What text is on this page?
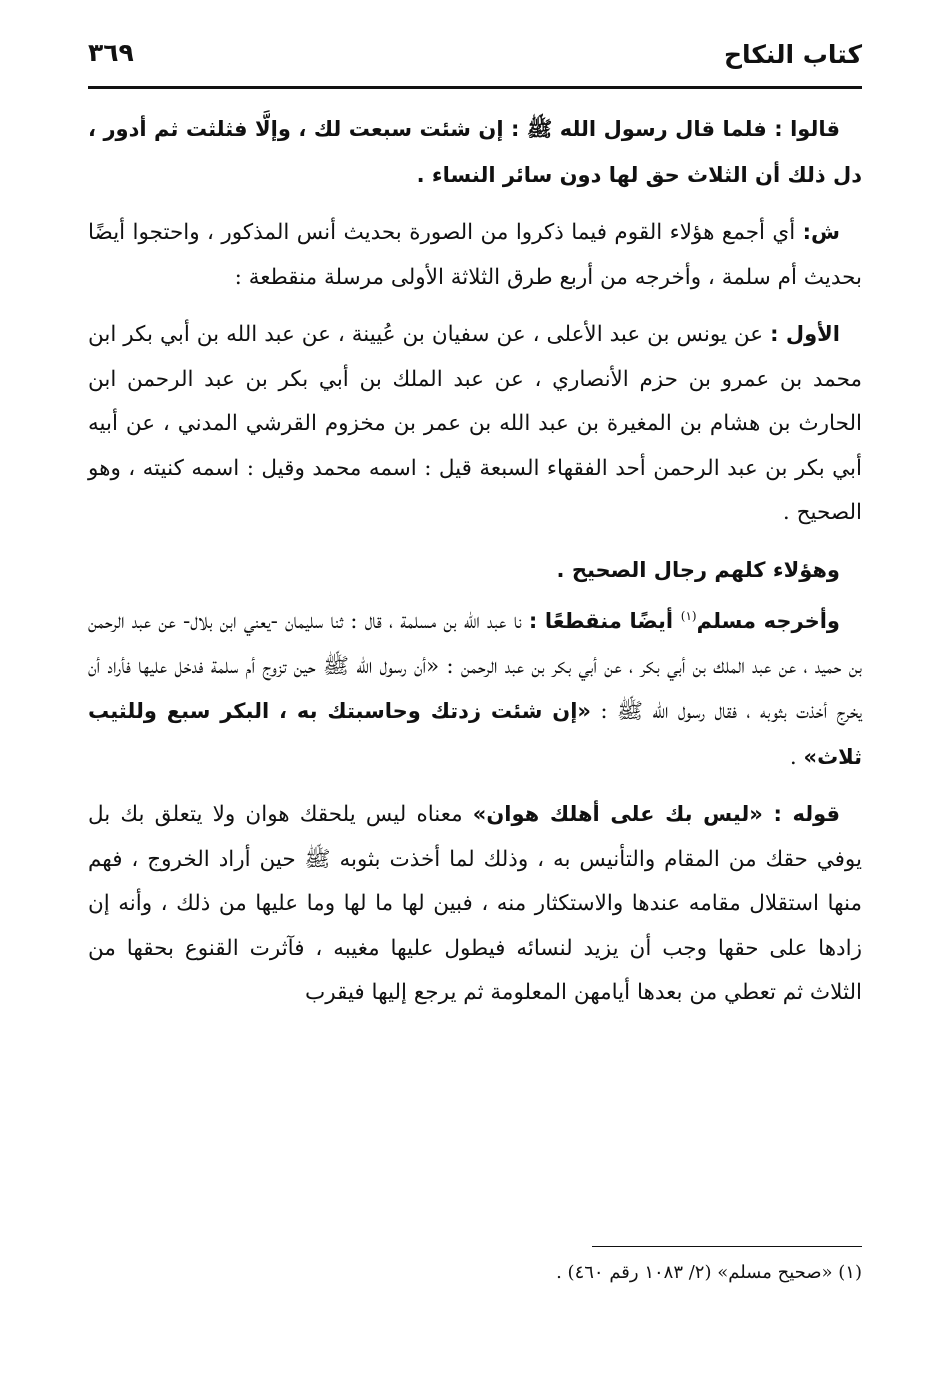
كتاب النكاح
٣٦٩

قالوا : فلما قال رسول الله ﷺ : إن شئت سبعت لك ، وإلَّا فثلثت ثم أدور ، دل ذلك أن الثلاث حق لها دون سائر النساء .

ش: أي أجمع هؤلاء القوم فيما ذكروا من الصورة بحديث أنس المذكور ، واحتجوا أيضًا بحديث أم سلمة ، وأخرجه من أربع طرق الثلاثة الأولى مرسلة منقطعة :

الأول : عن يونس بن عبد الأعلى ، عن سفيان بن عُيينة ، عن عبد الله بن أبي بكر ابن محمد بن عمرو بن حزم الأنصاري ، عن عبد الملك بن أبي بكر بن عبد الرحمن ابن الحارث بن هشام بن المغيرة بن عبد الله بن عمر بن مخزوم القرشي المدني ، عن أبيه أبي بكر بن عبد الرحمن أحد الفقهاء السبعة قيل : اسمه محمد وقيل : اسمه كنيته ، وهو الصحيح .

وهؤلاء كلهم رجال الصحيح .

وأخرجه مسلم$^{(١)}$ أيضًا منقطعًا : نا عبد الله بن مسلمة ، قال : ثنا سليمان -يعني ابن بلال- عن عبد الرحمن بن حميد ، عن عبد الملك بن أبي بكر ، عن أبي بكر بن عبد الرحمن : «أن رسول الله ﷺ حين تزوج أم سلمة فدخل عليها فأراد أن يخرج أخذت بثوبه ، فقال رسول الله ﷺ : «إن شئت زدتك وحاسبتك به ، البكر سبع وللثيب ثلاث» .

قوله : «ليس بك على أهلك هوان» معناه ليس يلحقك هوان ولا يتعلق بك بل يوفي حقك من المقام والتأنيس به ، وذلك لما أخذت بثوبه ﷺ حين أراد الخروج ، فهم منها استقلال مقامه عندها والاستكثار منه ، فبين لها ما لها وما عليها من ذلك ، وأنه إن زادها على حقها وجب أن يزيد لنسائه فيطول عليها مغيبه ، فآثرت القنوع بحقها من الثلاث ثم تعطي من بعدها أيامهن المعلومة ثم يرجع إليها فيقرب

(١) «صحيح مسلم» (٢/ ١٠٨٣ رقم ٤٦٠) .
